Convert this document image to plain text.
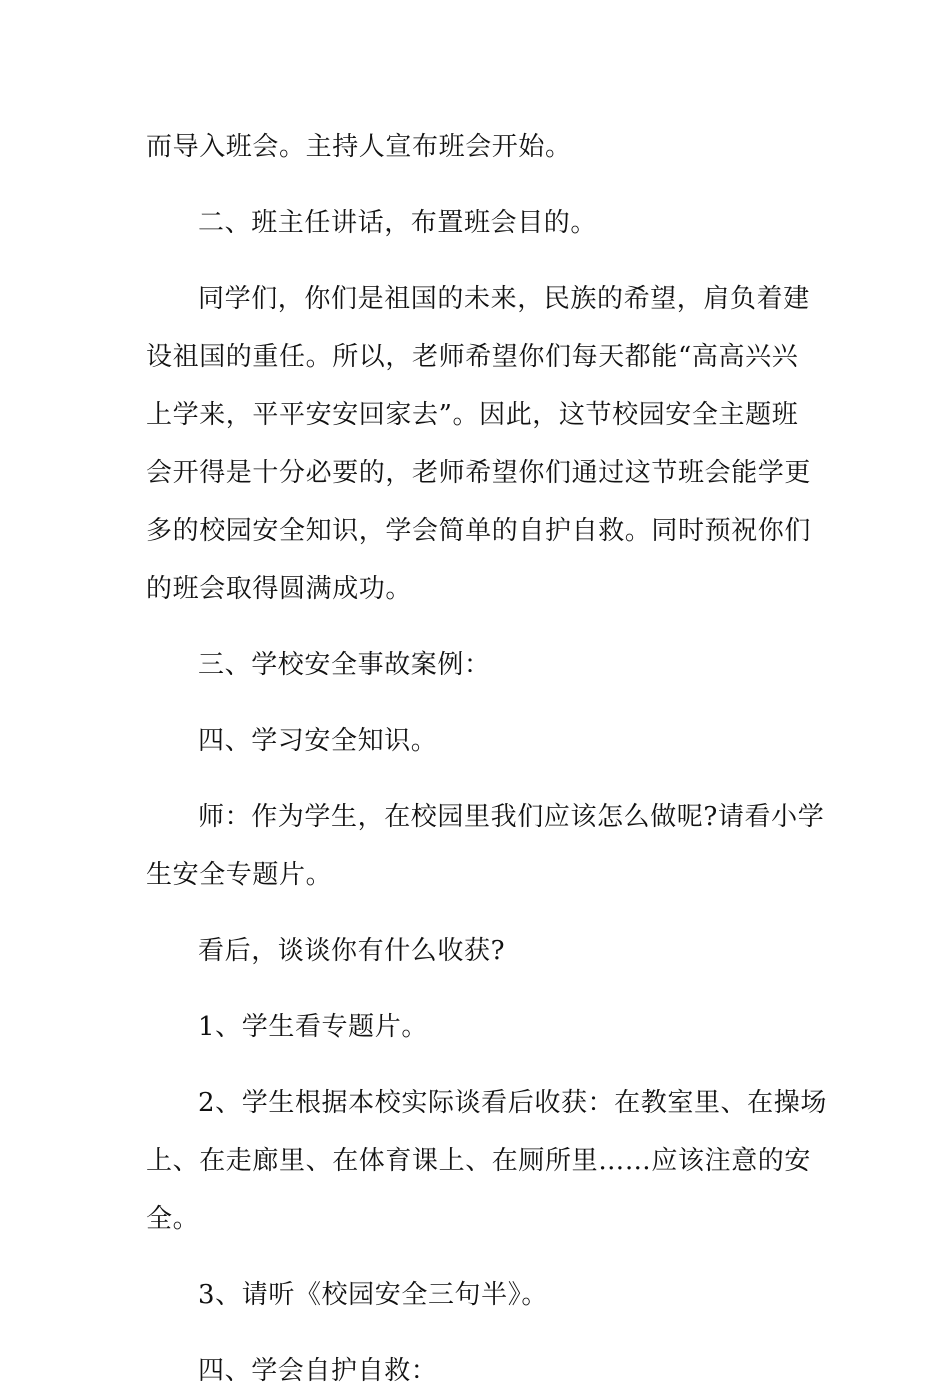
而导入班会。主持人宣布班会开始。
二、班主任讲话，布置班会目的。
同学们，你们是祖国的未来，民族的希望，肩负着建
设祖国的重任。所以，老师希望你们每天都能“高高兴兴
上学来，平平安安回家去”。因此，这节校园安全主题班
会开得是十分必要的，老师希望你们通过这节班会能学更
多的校园安全知识，学会简单的自护自救。同时预祝你们
的班会取得圆满成功。
三、学校安全事故案例：
四、学习安全知识。
师：作为学生，在校园里我们应该怎么做呢?请看小学
生安全专题片。
看后，谈谈你有什么收获?
1、学生看专题片。
2、学生根据本校实际谈看后收获：在教室里、在操场
上、在走廊里、在体育课上、在厕所里……应该注意的安
全。
3、请听《校园安全三句半》。
四、学会自护自救：
